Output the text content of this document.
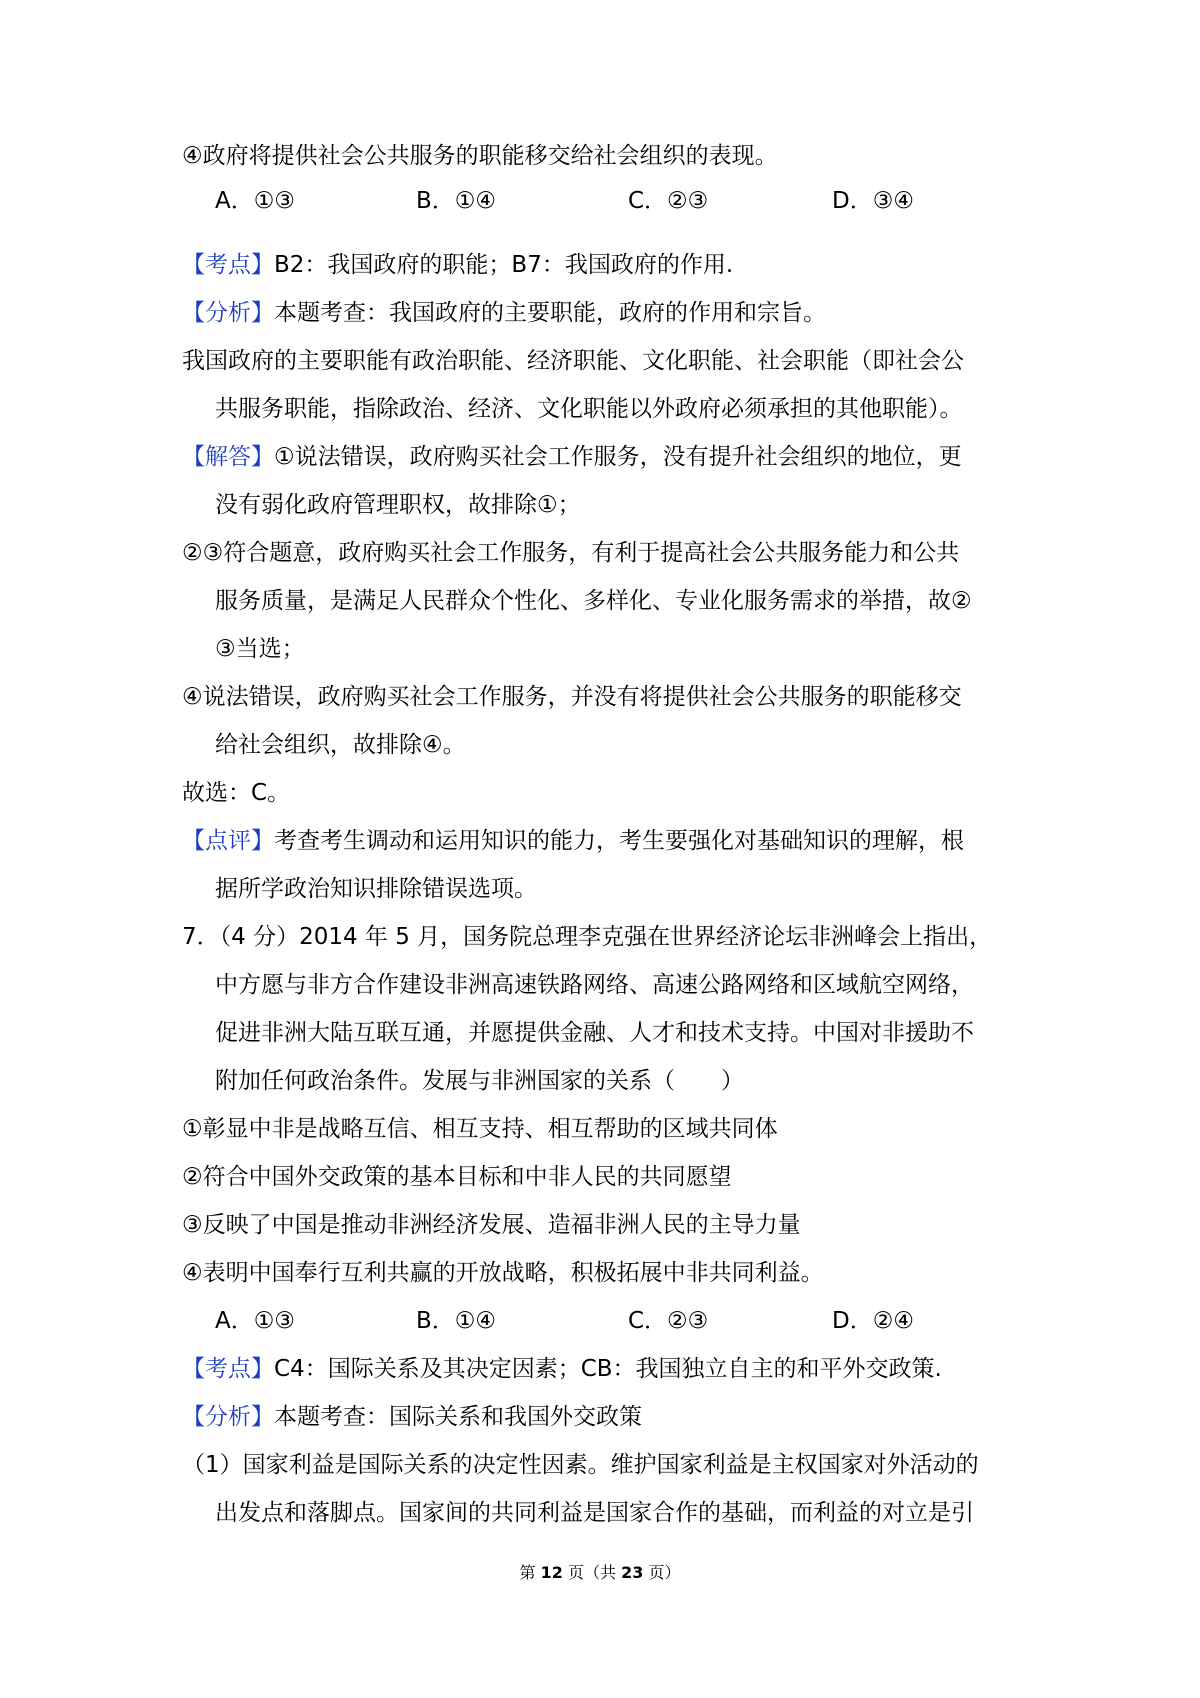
④政府将提供社会公共服务的职能移交给社会组织的表现。
A．①③	B．①④	C．②③	D．③④
【考点】B2：我国政府的职能；B7：我国政府的作用.
【分析】本题考查：我国政府的主要职能，政府的作用和宗旨。
我国政府的主要职能有政治职能、经济职能、文化职能、社会职能（即社会公
共服务职能，指除政治、经济、文化职能以外政府必须承担的其他职能）。
【解答】①说法错误，政府购买社会工作服务，没有提升社会组织的地位，更
没有弱化政府管理职权，故排除①；
②③符合题意，政府购买社会工作服务，有利于提高社会公共服务能力和公共
服务质量，是满足人民群众个性化、多样化、专业化服务需求的举措，故②
③当选；
④说法错误，政府购买社会工作服务，并没有将提供社会公共服务的职能移交
给社会组织，故排除④。
故选：C。
【点评】考查考生调动和运用知识的能力，考生要强化对基础知识的理解，根
据所学政治知识排除错误选项。
7．（4 分）2014 年 5 月，国务院总理李克强在世界经济论坛非洲峰会上指出，
中方愿与非方合作建设非洲高速铁路网络、高速公路网络和区域航空网络，
促进非洲大陆互联互通，并愿提供金融、人才和技术支持。中国对非援助不
附加任何政治条件。发展与非洲国家的关系（　　）
①彰显中非是战略互信、相互支持、相互帮助的区域共同体
②符合中国外交政策的基本目标和中非人民的共同愿望
③反映了中国是推动非洲经济发展、造福非洲人民的主导力量
④表明中国奉行互利共赢的开放战略，积极拓展中非共同利益。
A．①③	B．①④	C．②③	D．②④
【考点】C4：国际关系及其决定因素；CB：我国独立自主的和平外交政策.
【分析】本题考查：国际关系和我国外交政策
（1）国家利益是国际关系的决定性因素。维护国家利益是主权国家对外活动的
出发点和落脚点。国家间的共同利益是国家合作的基础，而利益的对立是引
第 12 页（共 23 页）
